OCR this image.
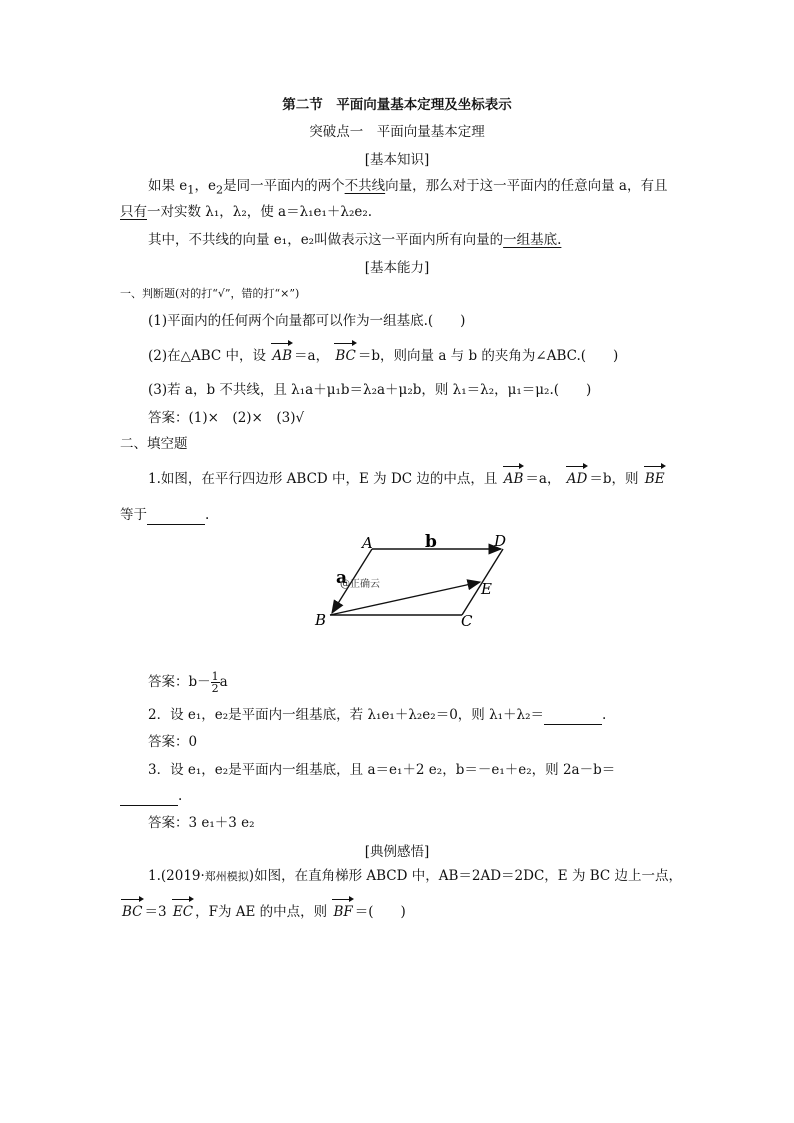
第二节　平面向量基本定理及坐标表示
突破点一　平面向量基本定理
[基本知识]
如果 $e_1$，$e_2$是同一平面内的两个不共线向量，那么对于这一平面内的任意向量 a，有且
只有一对实数 λ₁，λ₂，使 a＝λ₁e₁＋λ₂e₂.
其中，不共线的向量 e₁，e₂叫做表示这一平面内所有向量的一组基底.
[基本能力]
一、判断题(对的打“√”，错的打“×”)
(1)平面内的任何两个向量都可以作为一组基底.(　　)
(2)在△ABC 中，设 AB ＝a， BC ＝b，则向量 a 与 b 的夹角为∠ABC.(　　)
(3)若 a，b 不共线，且 λ₁a＋μ₁b＝λ₂a＋μ₂b，则 λ₁＝λ₂，μ₁＝μ₂.(　　)
答案：(1)×　(2)×　(3)√
二、填空题
1.如图，在平行四边形 ABCD 中，E 为 DC 边的中点，且 AB ＝a， AD ＝b，则 BE
等于	.
A	D
E
B	C
b
a
@正确云
答案：$b- \frac{1}{2}$ a
2．设 e₁，e₂是平面内一组基底，若 λ₁e₁＋λ₂e₂＝0，则 λ₁＋λ₂＝	.
答案：0
3．设 e₁，e₂是平面内一组基底，且 a＝e₁＋2 e₂，b＝－e₁＋e₂，则 2a－b＝
.
答案：3 e₁＋3 e₂
[典例感悟]
1.(2019·郑州模拟)如图，在直角梯形 ABCD 中，AB＝2AD＝2DC，E 为 BC 边上一点，
BC ＝3 EC ，F为 AE 的中点，则 BF ＝(　　)
